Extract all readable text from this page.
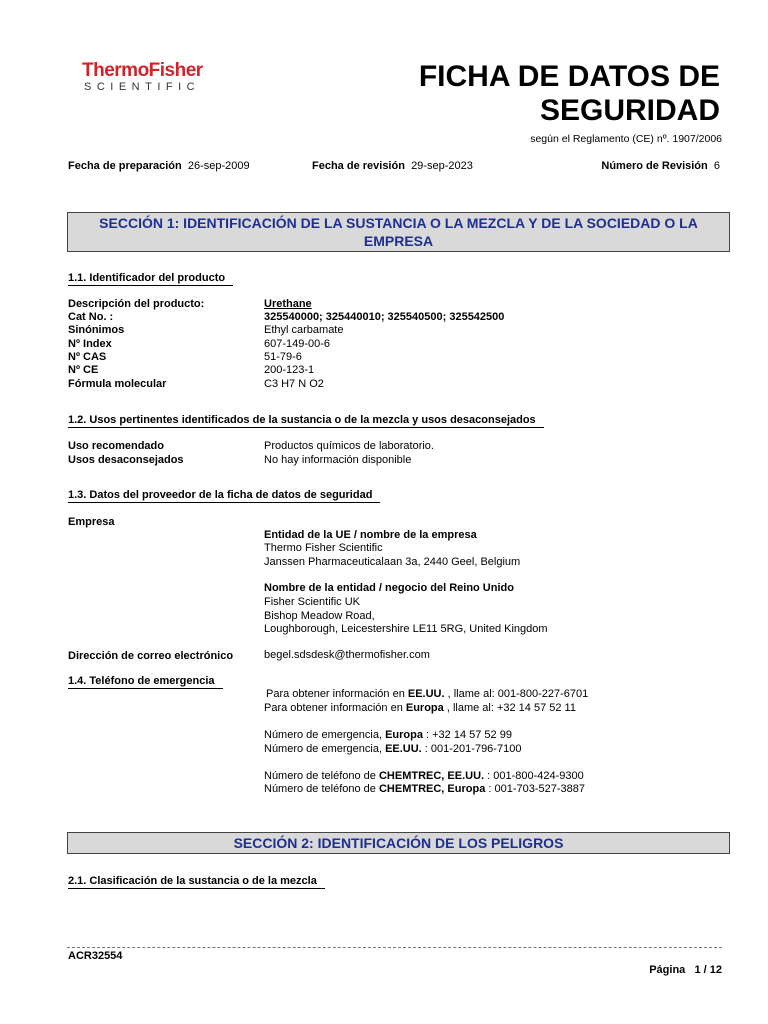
ThermoFisher
SCIENTIFIC	FICHA DE DATOS DE
SEGURIDAD
según el Reglamento (CE) nº. 1907/2006
Fecha de preparación 26-sep-2009	Fecha de revisión 29-sep-2023	Número de Revisión 6
SECCIÓN 1: IDENTIFICACIÓN DE LA SUSTANCIA O LA MEZCLA Y DE LA SOCIEDAD O LA EMPRESA
1.1. Identificador del producto
Descripción del producto:	Urethane
Cat No. :	325540000; 325440010; 325540500; 325542500
Sinónimos	Ethyl carbamate
Nº Index	607-149-00-6
Nº CAS	51-79-6
Nº CE	200-123-1
Fórmula molecular	C3 H7 N O2
1.2. Usos pertinentes identificados de la sustancia o de la mezcla y usos desaconsejados
Uso recomendado	Productos químicos de laboratorio.
Usos desaconsejados	No hay información disponible
1.3. Datos del proveedor de la ficha de datos de seguridad
Empresa
Entidad de la UE / nombre de la empresa
Thermo Fisher Scientific
Janssen Pharmaceuticalaan 3a, 2440 Geel, Belgium
Nombre de la entidad / negocio del Reino Unido
Fisher Scientific UK
Bishop Meadow Road,
Loughborough, Leicestershire LE11 5RG, United Kingdom
Dirección de correo electrónico	begel.sdsdesk@thermofisher.com
1.4. Teléfono de emergencia
Para obtener información en EE.UU. , llame al: 001-800-227-6701
Para obtener información en Europa , llame al: +32 14 57 52 11
Número de emergencia, Europa : +32 14 57 52 99
Número de emergencia, EE.UU. : 001-201-796-7100
Número de teléfono de CHEMTREC, EE.UU. : 001-800-424-9300
Número de teléfono de CHEMTREC, Europa : 001-703-527-3887
SECCIÓN 2: IDENTIFICACIÓN DE LOS PELIGROS
2.1. Clasificación de la sustancia o de la mezcla
ACR32554
Página 1 / 12
